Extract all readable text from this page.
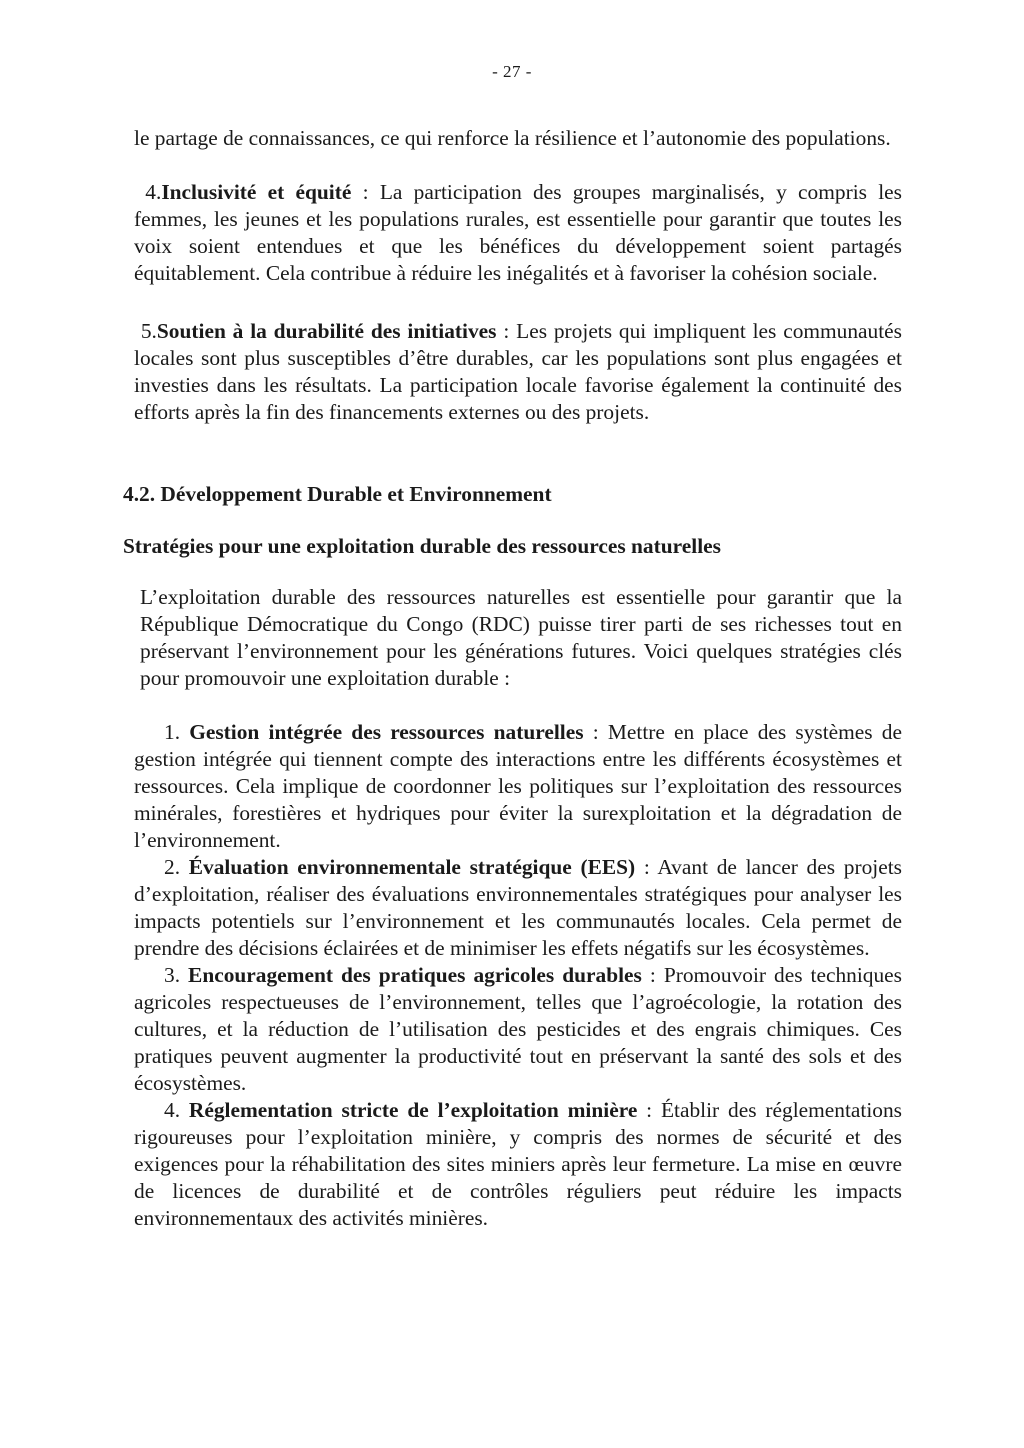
- 27 -

le partage de connaissances, ce qui renforce la résilience et l’autonomie des populations.

4.Inclusivité et équité : La participation des groupes marginalisés, y compris les femmes, les jeunes et les populations rurales, est essentielle pour garantir que toutes les voix soient entendues et que les bénéfices du développement soient partagés équitablement. Cela contribue à réduire les inégalités et à favoriser la cohésion sociale.

5.Soutien à la durabilité des initiatives : Les projets qui impliquent les communautés locales sont plus susceptibles d’être durables, car les populations sont plus engagées et investies dans les résultats. La participation locale favorise également la continuité des efforts après la fin des financements externes ou des projets.

4.2. Développement Durable et Environnement
Stratégies pour une exploitation durable des ressources naturelles

L’exploitation durable des ressources naturelles est essentielle pour garantir que la République Démocratique du Congo (RDC) puisse tirer parti de ses richesses tout en préservant l’environnement pour les générations futures. Voici quelques stratégies clés pour promouvoir une exploitation durable :

1. Gestion intégrée des ressources naturelles : Mettre en place des systèmes de gestion intégrée qui tiennent compte des interactions entre les différents écosystèmes et ressources. Cela implique de coordonner les politiques sur l’exploitation des ressources minérales, forestières et hydriques pour éviter la surexploitation et la dégradation de l’environnement.

2. Évaluation environnementale stratégique (EES) : Avant de lancer des projets d’exploitation, réaliser des évaluations environnementales stratégiques pour analyser les impacts potentiels sur l’environnement et les communautés locales. Cela permet de prendre des décisions éclairées et de minimiser les effets négatifs sur les écosystèmes.

3. Encouragement des pratiques agricoles durables : Promouvoir des techniques agricoles respectueuses de l’environnement, telles que l’agroécologie, la rotation des cultures, et la réduction de l’utilisation des pesticides et des engrais chimiques. Ces pratiques peuvent augmenter la productivité tout en préservant la santé des sols et des écosystèmes.

4. Réglementation stricte de l’exploitation minière : Établir des réglementations rigoureuses pour l’exploitation minière, y compris des normes de sécurité et des exigences pour la réhabilitation des sites miniers après leur fermeture. La mise en œuvre de licences de durabilité et de contrôles réguliers peut réduire les impacts environnementaux des activités minières.
